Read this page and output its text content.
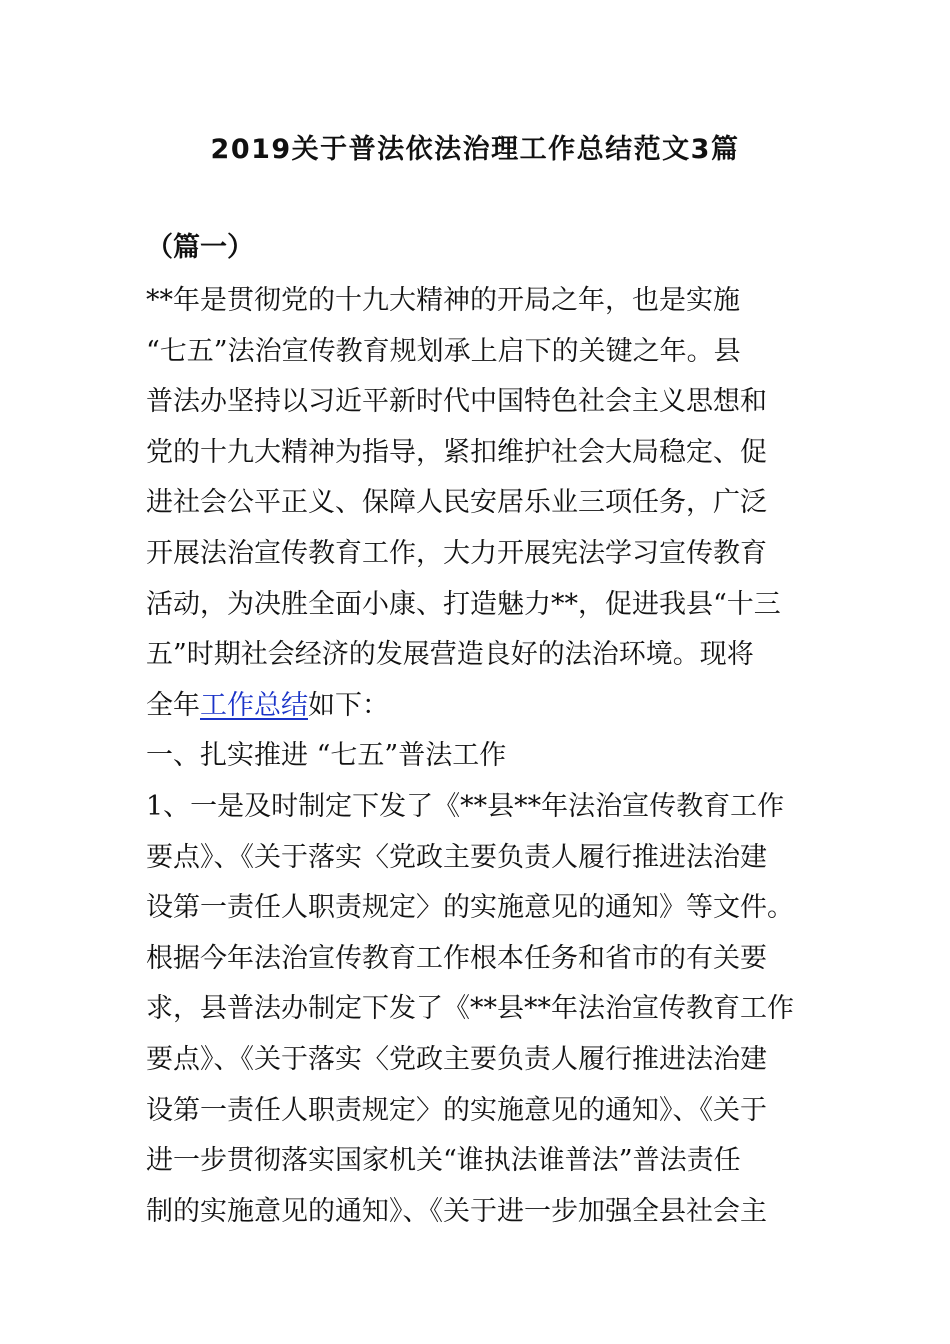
2019关于普法依法治理工作总结范文3篇
（篇一）
**年是贯彻党的十九大精神的开局之年，也是实施
“七五”法治宣传教育规划承上启下的关键之年。县
普法办坚持以习近平新时代中国特色社会主义思想和
党的十九大精神为指导，紧扣维护社会大局稳定、促
进社会公平正义、保障人民安居乐业三项任务，广泛
开展法治宣传教育工作，大力开展宪法学习宣传教育
活动，为决胜全面小康、打造魅力**，促进我县“十三
五”时期社会经济的发展营造良好的法治环境。现将
全年工作总结如下：
一、扎实推进 “七五”普法工作
1、一是及时制定下发了《**县**年法治宣传教育工作
要点》、《关于落实〈党政主要负责人履行推进法治建
设第一责任人职责规定〉的实施意见的通知》等文件。
根据今年法治宣传教育工作根本任务和省市的有关要
求，县普法办制定下发了《**县**年法治宣传教育工作
要点》、《关于落实〈党政主要负责人履行推进法治建
设第一责任人职责规定〉的实施意见的通知》、《关于
进一步贯彻落实国家机关“谁执法谁普法”普法责任
制的实施意见的通知》、《关于进一步加强全县社会主
